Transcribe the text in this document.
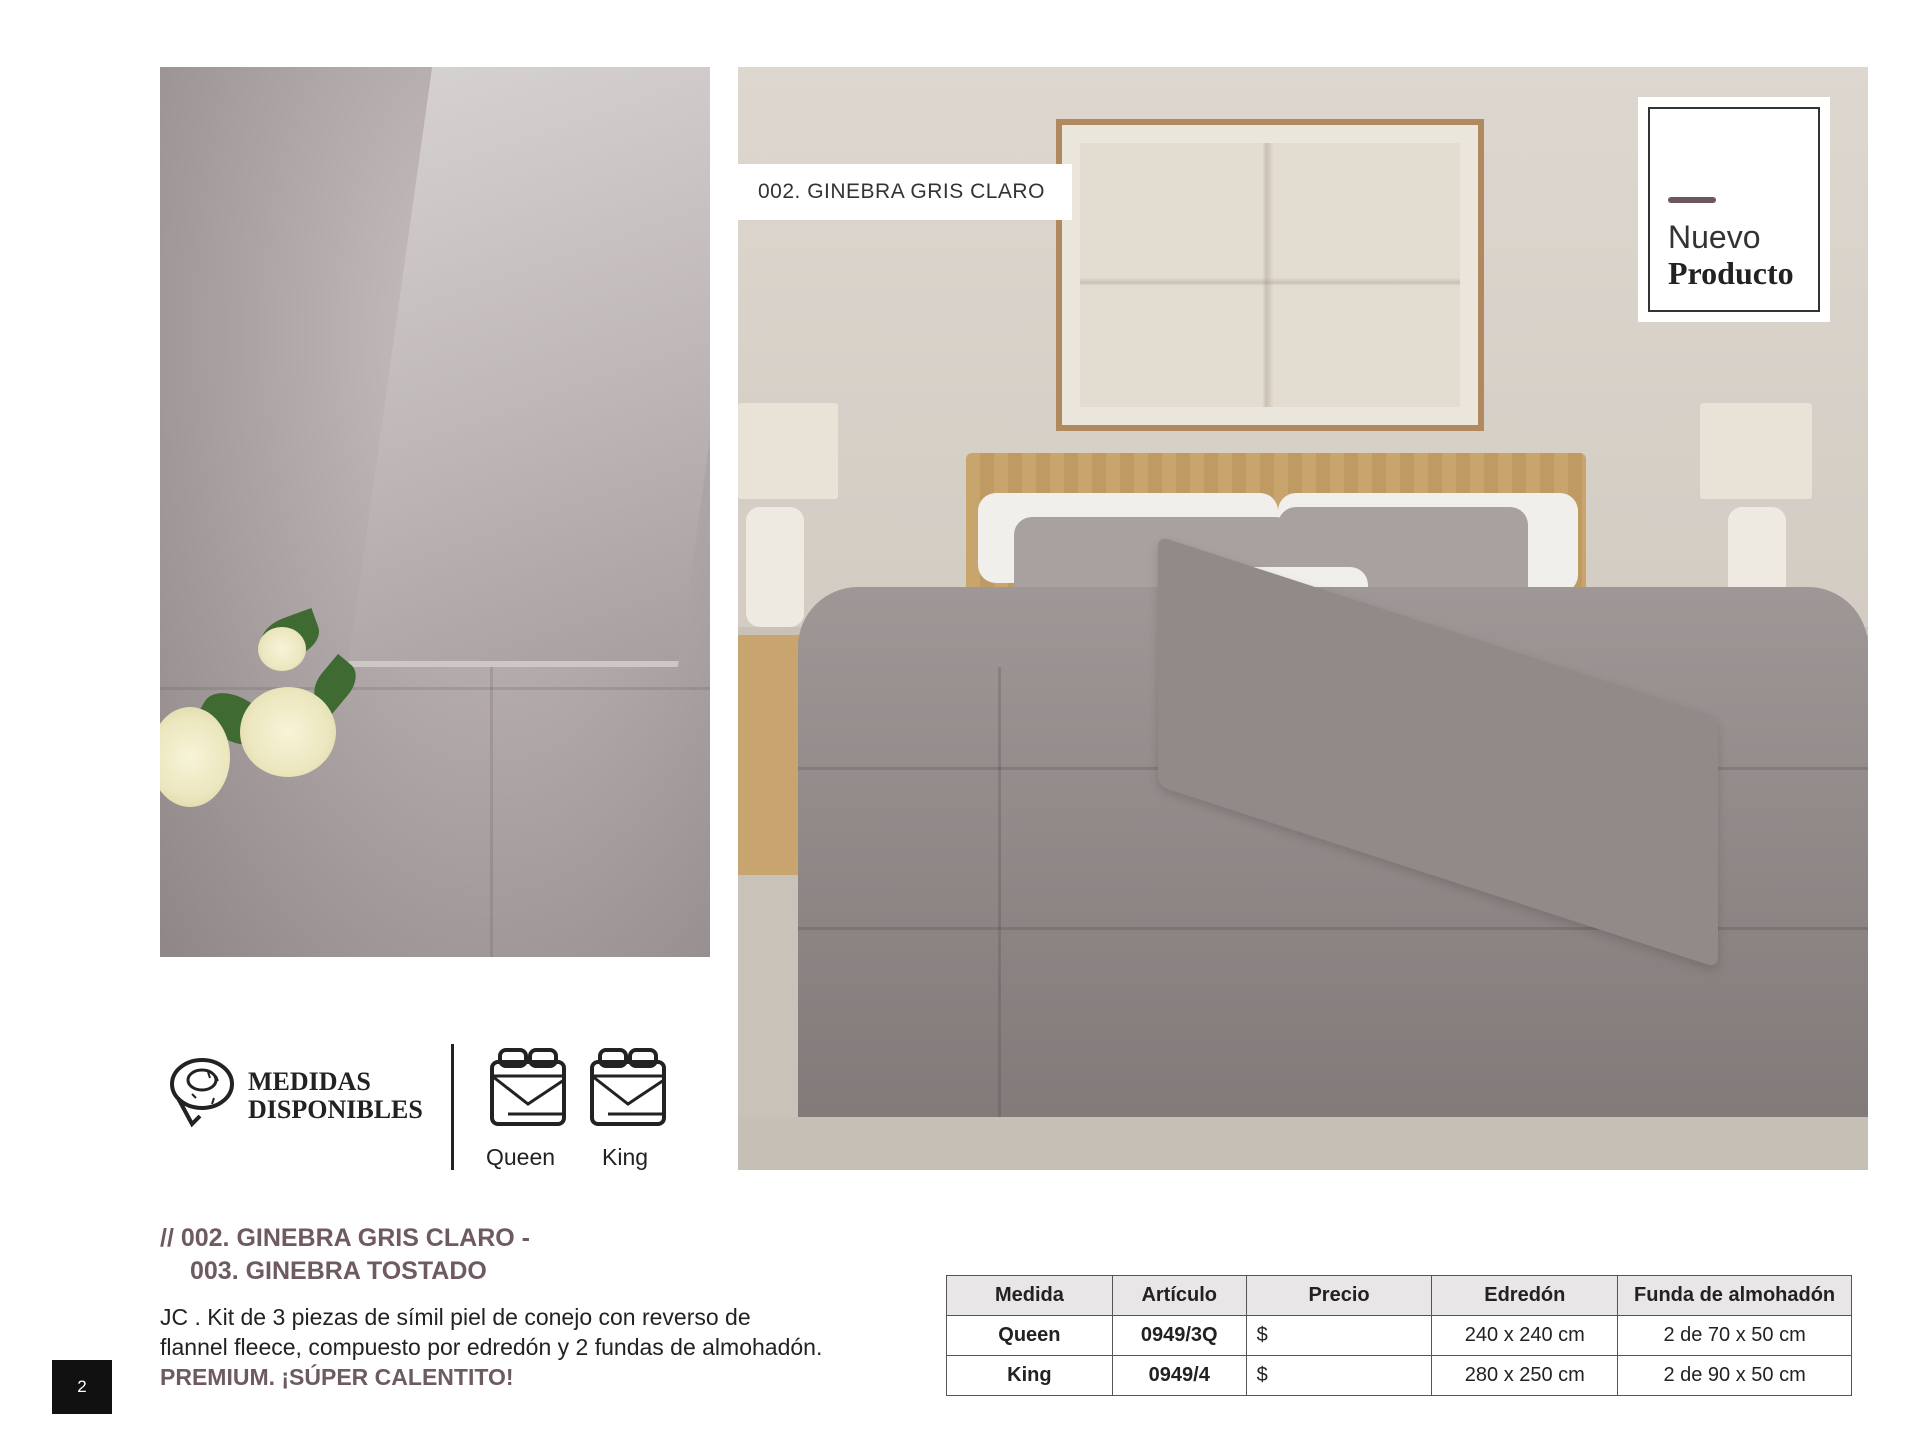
002. GINEBRA GRIS CLARO
Nuevo
Producto
MEDIDAS
DISPONIBLES
Queen King
// 002. GINEBRA GRIS CLARO -
003. GINEBRA TOSTADO
JC . Kit de 3 piezas de símil piel de conejo con reverso de
flannel fleece, compuesto por edredón y 2 fundas de almohadón.
PREMIUM. ¡SÚPER CALENTITO!
Medida	Artículo	Precio	Edredón	Funda de almohadón
Queen	0949/3Q	$	240 x 240 cm	2 de 70 x 50 cm
King	0949/4	$	280 x 250 cm	2 de 90 x 50 cm
2
